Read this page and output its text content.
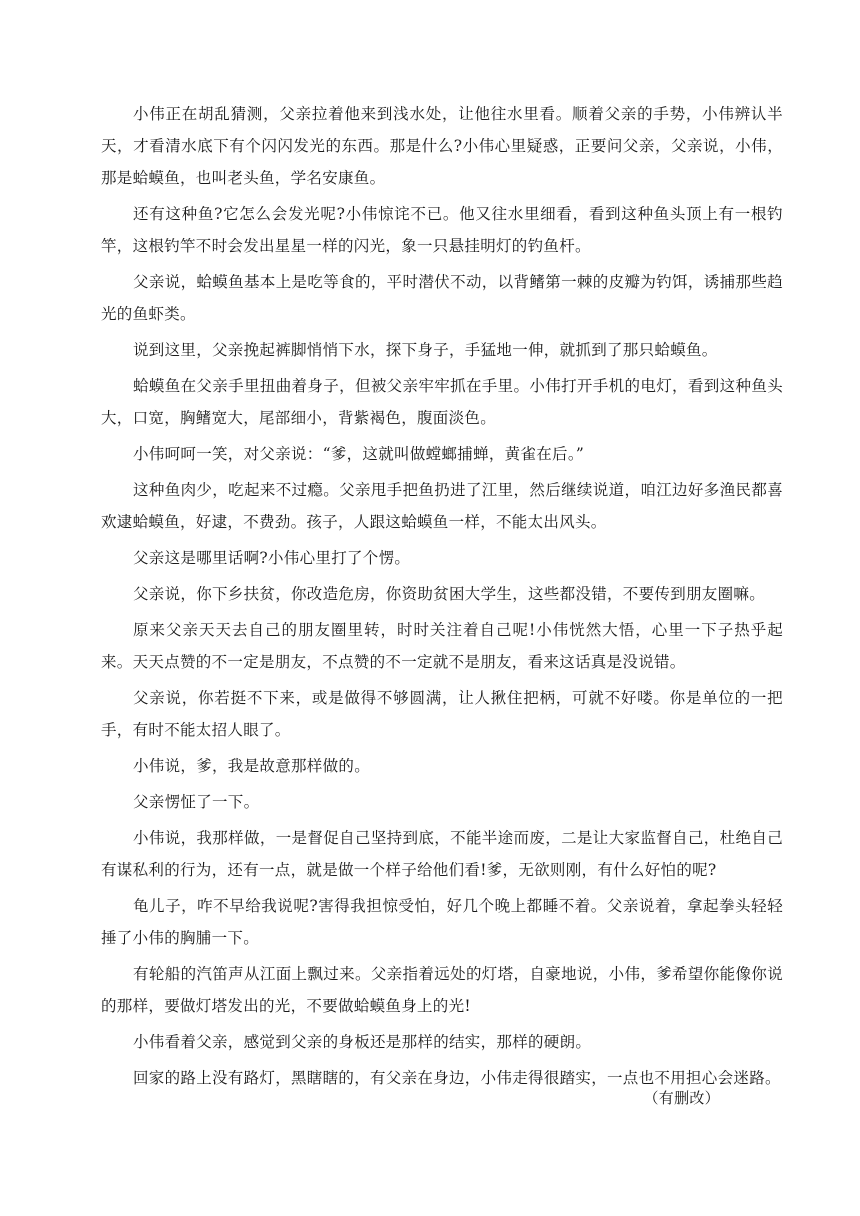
小伟正在胡乱猜测，父亲拉着他来到浅水处，让他往水里看。顺着父亲的手势，小伟辨认半天，才看清水底下有个闪闪发光的东西。那是什么?小伟心里疑惑，正要问父亲，父亲说，小伟，那是蛤蟆鱼，也叫老头鱼，学名安康鱼。

还有这种鱼?它怎么会发光呢?小伟惊诧不已。他又往水里细看，看到这种鱼头顶上有一根钓竿，这根钓竿不时会发出星星一样的闪光，象一只悬挂明灯的钓鱼杆。

父亲说，蛤蟆鱼基本上是吃等食的，平时潜伏不动，以背鳍第一棘的皮瓣为钓饵，诱捕那些趋光的鱼虾类。

说到这里，父亲挽起裤脚悄悄下水，探下身子，手猛地一伸，就抓到了那只蛤蟆鱼。

蛤蟆鱼在父亲手里扭曲着身子，但被父亲牢牢抓在手里。小伟打开手机的电灯，看到这种鱼头大，口宽，胸鳍宽大，尾部细小，背紫褐色，腹面淡色。

小伟呵呵一笑，对父亲说：“爹，这就叫做螳螂捕蝉，黄雀在后。”

这种鱼肉少，吃起来不过瘾。父亲甩手把鱼扔进了江里，然后继续说道，咱江边好多渔民都喜欢逮蛤蟆鱼，好逮，不费劲。孩子，人跟这蛤蟆鱼一样，不能太出风头。

父亲这是哪里话啊?小伟心里打了个愣。

父亲说，你下乡扶贫，你改造危房，你资助贫困大学生，这些都没错，不要传到朋友圈嘛。

原来父亲天天去自己的朋友圈里转，时时关注着自己呢!小伟恍然大悟，心里一下子热乎起来。天天点赞的不一定是朋友，不点赞的不一定就不是朋友，看来这话真是没说错。

父亲说，你若挺不下来，或是做得不够圆满，让人揪住把柄，可就不好喽。你是单位的一把手，有时不能太招人眼了。

小伟说，爹，我是故意那样做的。

父亲愣怔了一下。

小伟说，我那样做，一是督促自己坚持到底，不能半途而废，二是让大家监督自己，杜绝自己有谋私利的行为，还有一点，就是做一个样子给他们看!爹，无欲则刚，有什么好怕的呢?

龟儿子，咋不早给我说呢?害得我担惊受怕，好几个晚上都睡不着。父亲说着，拿起拳头轻轻捶了小伟的胸脯一下。

有轮船的汽笛声从江面上飘过来。父亲指着远处的灯塔，自豪地说，小伟，爹希望你能像你说的那样，要做灯塔发出的光，不要做蛤蟆鱼身上的光!

小伟看着父亲，感觉到父亲的身板还是那样的结实，那样的硬朗。

回家的路上没有路灯，黑瞎瞎的，有父亲在身边，小伟走得很踏实，一点也不用担心会迷路。

（有删改）
